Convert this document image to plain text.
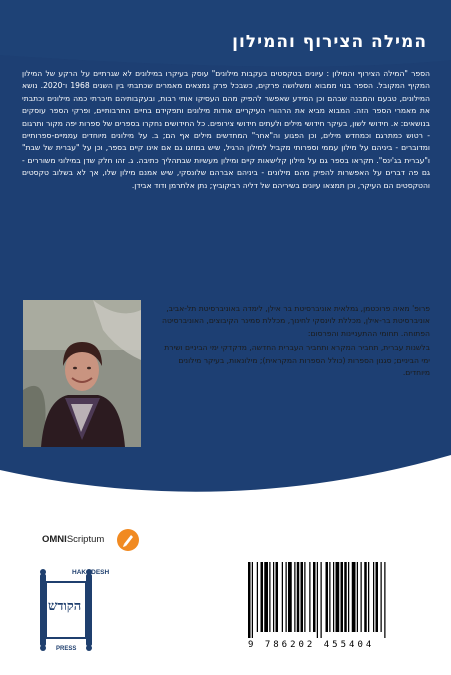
המילה הצירוף והמילון

הספר "המילה הצירוף והמילון : עיונים בטקסטים בעקבות מילונים" עוסק בעיקרו במילונים לא שגרתיים על הרקע של המילון המקיף המקובל. הספר בנוי ממבוא ומשלושה פרקים, כשבכל פרק נמצאים מאמרים שכתבתי בין השנים 1968 ו־2020. נושא המילונים, טבעם והמבנה שבהם וכן המידע שאפשר להפיק מהם העסיקו אותי רבות, ובעקבותיהם חיברתי כמה מילונים וכתבתי את מאמרי הספר הזה. המבוא מביא את הרהורי העיקריים אודות מילונים ותפקידם בחיים התרבותיים, ופרקי הספר עוסקים בנושאים: א. חידושי לשון, בעיקר חידושי מילים ולעתים חידושי צירופים. כל החידושים נחקרו בספרים של ספרות יפה מקור ותרגום - רטוש כמתרגם וכמחדש מילים, וכן הפגוע וה"אחר" המחדשים מילים אף הם; ב. על מילונים מיוחדים עממיים-ספרותיים ומדוברים - ביניהם על מילון עממי וספרותי מקביל למילון הרגיל, שיש במוזגו גם אם אינו קיים בספר, וכן על "עברית של שבת" ו"עברית בג'ינס". תקראו בספר גם על מילון קלישאות קיים ומילון מעשיות שבתהליך כתיבה. ג. זהו חלק שדן במילוני משוררים - גם פה דברים על האפשרות להפיק מהם מילונים - ביניהם אברהם שלונסקי, שיש אמנם מילון שלו, אך לא בשלוב טקסטים והטקסטים הם העיקר, וכן תמצאו עיונים בשיריהם של דליה רביקוביץ; נתן אלתרמן ודוד אבידן.

פרופ' מאיה פרוכטמן, גמלאית אוניברסיטת בר אילן, לימדה באוניברסיטת תל-אביב, אוניברסיטת בר-אילן, מכללת לוינסקי לחינוך, מכללת סמינר הקיבוצים, האוניברסיטה הפתוחה. תחומי ההתעניינות והפרסום:

בלשנות עברית, תחביר המקרא ותחביר העברית החדשה, מדקדקי ימי הביניים ושירת ימי הביניים; סגנון הספרות (כולל הספרות המקראית); מילונאות, בעיקר מילונים מיוחדים.

OMNIScriptum
HAKODESH
הקודש
PRESS	9 786202 455404
